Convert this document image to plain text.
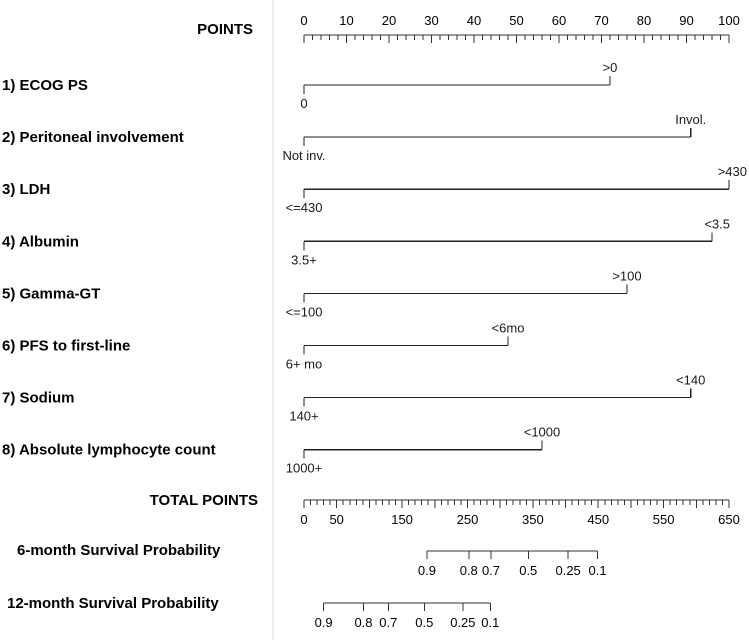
POINTS
0 10 20 30 40 50 60 70 80 90 100
1) ECOG PS
0
>0
2) Peritoneal involvement
Not inv.
Invol.
3) LDH
<=430
>430
4) Albumin
3.5+
<3.5
5) Gamma-GT
<=100
>100
6) PFS to first-line
6+ mo
<6mo
7) Sodium
140+
<140
8) Absolute lymphocyte count
1000+
<1000
TOTAL POINTS
0 50	150	250	350	450	550	650
6-month Survival Probability
0.9 0.8 0.7 0.5 0.25 0.1
12-month Survival Probability
0.9 0.8 0.7 0.5 0.25 0.1
